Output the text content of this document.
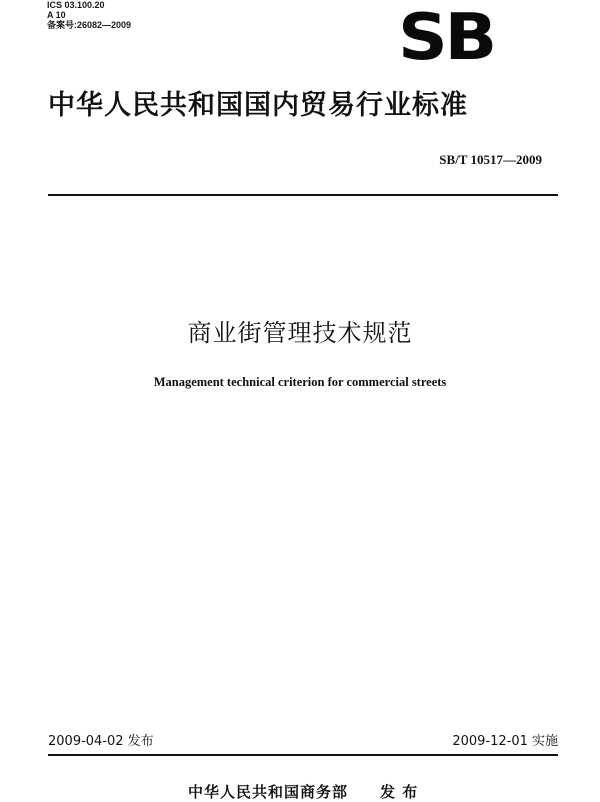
ICS 03.100.20
A 10
备案号:26082—2009	SB
中华人民共和国国内贸易行业标准
SB/T 10517—2009
商业街管理技术规范
Management technical criterion for commercial streets
2009-04-02 发布	2009-12-01 实施
中华人民共和国商务部 发 布
